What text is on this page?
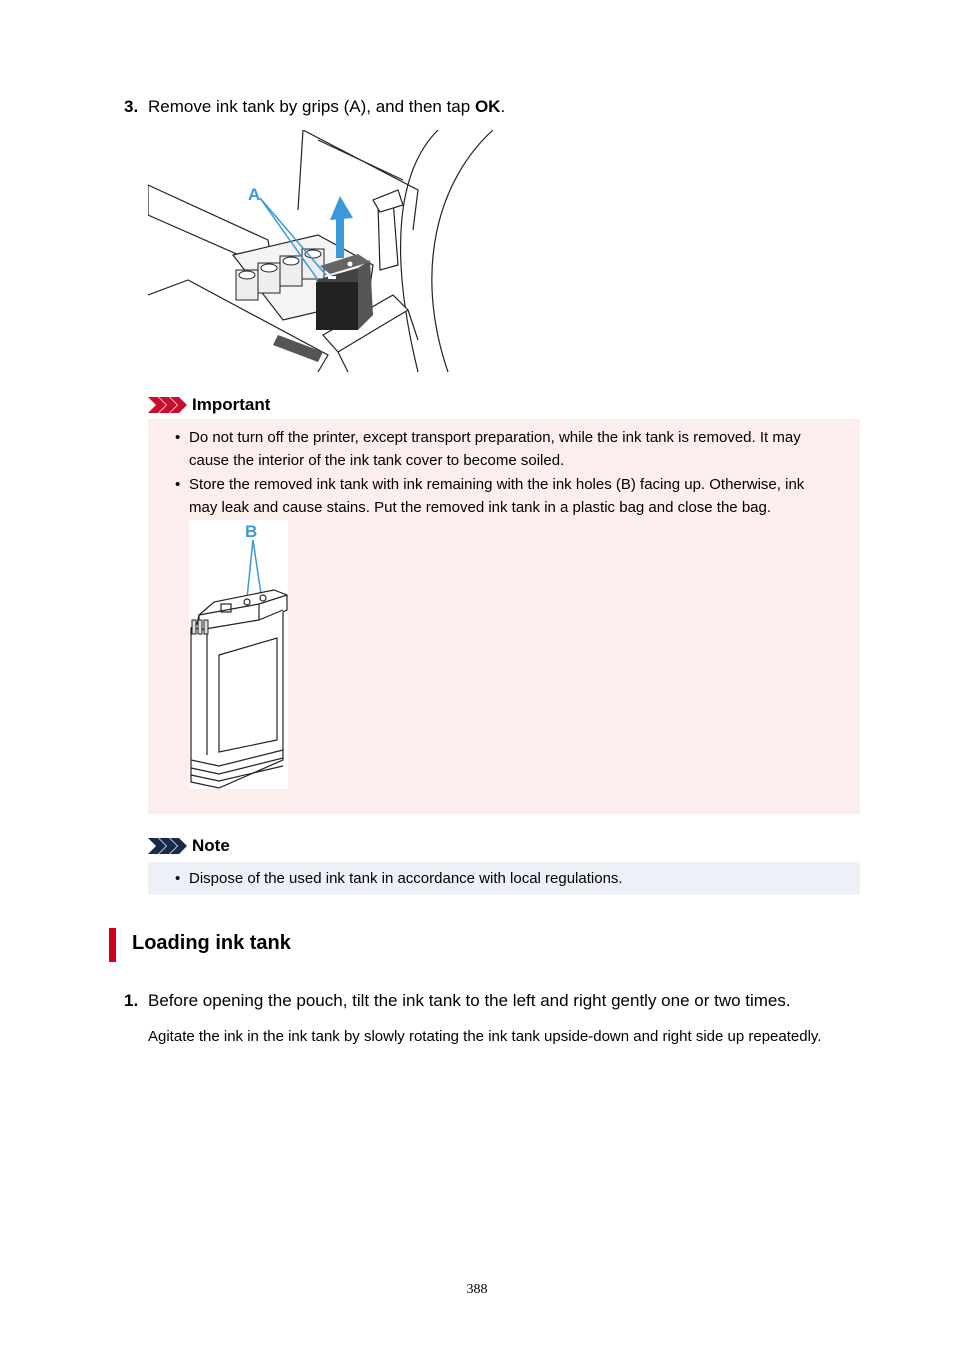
3. Remove ink tank by grips (A), and then tap OK.
A
Important
• Do not turn off the printer, except transport preparation, while the ink tank is removed. It may cause the interior of the ink tank cover to become soiled.
• Store the removed ink tank with ink remaining with the ink holes (B) facing up. Otherwise, ink may leak and cause stains. Put the removed ink tank in a plastic bag and close the bag.
B
Note
• Dispose of the used ink tank in accordance with local regulations.
Loading ink tank
1. Before opening the pouch, tilt the ink tank to the left and right gently one or two times.
Agitate the ink in the ink tank by slowly rotating the ink tank upside-down and right side up repeatedly.
388
